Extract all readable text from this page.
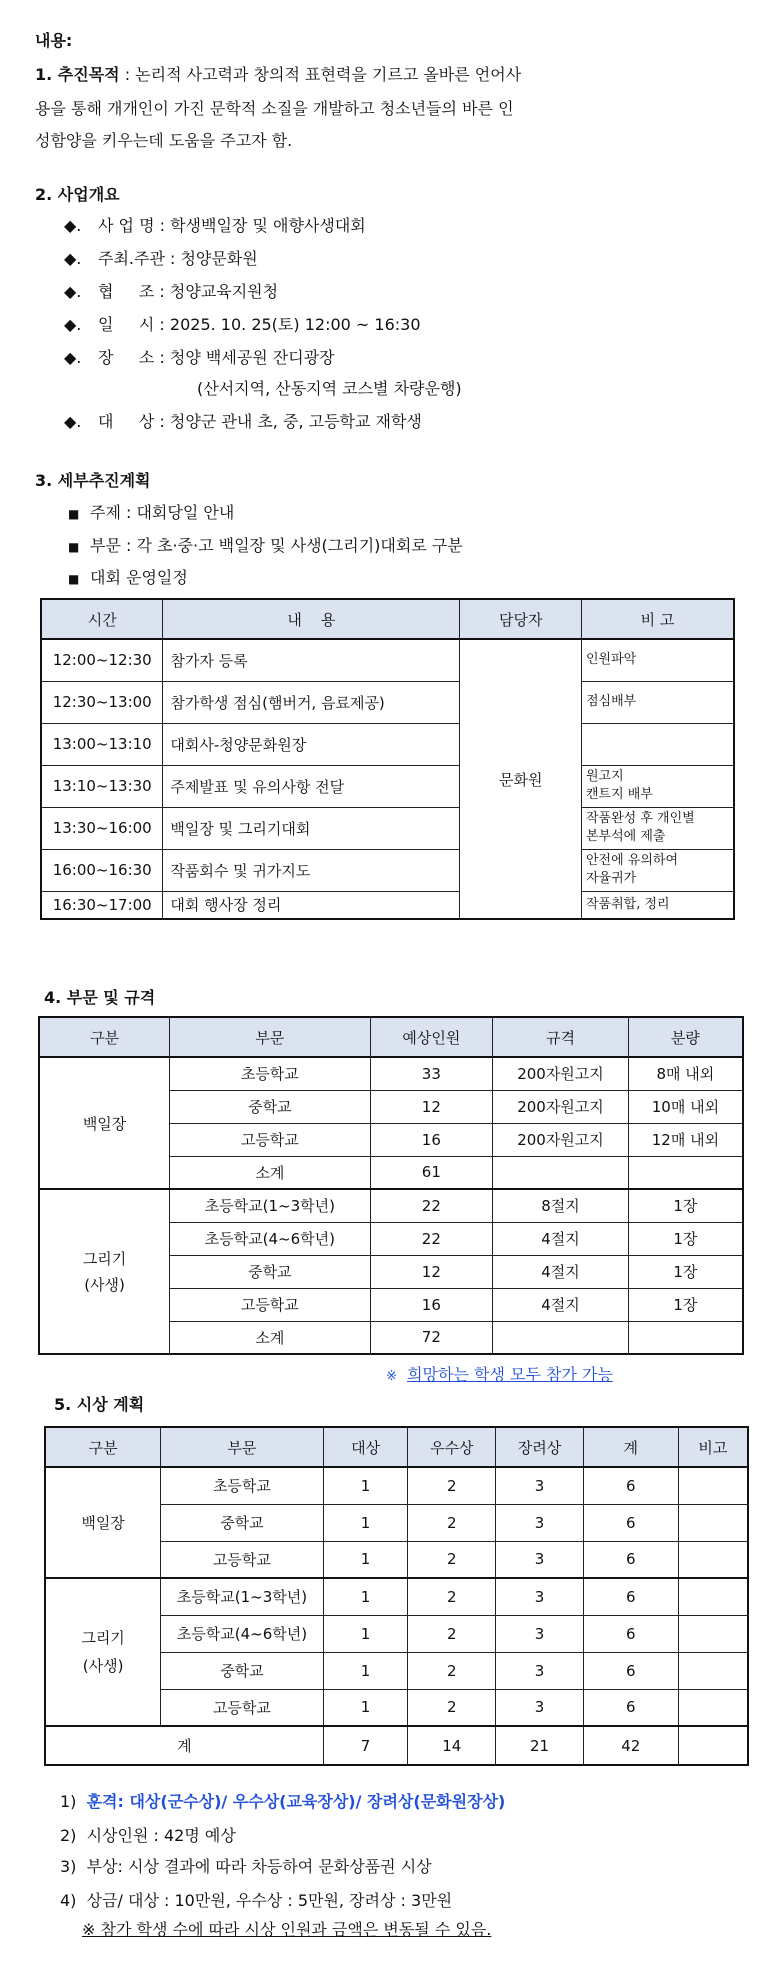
내용:
1. 추진목적 : 논리적 사고력과 창의적 표현력을 기르고 올바른 언어사
용을 통해 개개인이 가진 문학적 소질을 개발하고 청소년들의 바른 인
성함양을 키우는데 도움을 주고자 함.
2. 사업개요
◆. 사 업 명 : 학생백일장 및 애향사생대회
◆. 주최.주관 : 청양문화원
◆. 협     조 : 청양교육지원청
◆. 일     시 : 2025. 10. 25(토) 12:00 ~ 16:30
◆. 장     소 : 청양 백세공원 잔디광장
(산서지역, 산동지역 코스별 차량운행)
◆. 대     상 : 청양군 관내 초, 중, 고등학교 재학생
3. 세부추진계획
■ 주제 : 대회당일 안내
■ 부문 : 각 초·중·고 백일장 및 사생(그리기)대회로 구분
■ 대회 운영일정
시간	내    용	담당자	비 고
12:00~12:30	참가자 등록	문화원	인원파악
12:30~13:00	참가학생 점심(햄버거, 음료제공)		점심배부
13:00~13:10	대회사-청양문화원장		
13:10~13:30	주제발표 및 유의사항 전달		원고지
캔트지 배부
13:30~16:00	백일장 및 그리기대회		작품완성 후 개인별
본부석에 제출
16:00~16:30	작품회수 및 귀가지도		안전에 유의하여
자율귀가
16:30~17:00	대회 행사장 정리		작품취합, 정리
4. 부문 및 규격
구분	부문	예상인원	규격	분량
백일장	초등학교	33	200자원고지	8매 내외
	중학교	12	200자원고지	10매 내외
	고등학교	16	200자원고지	12매 내외
	소계	61		
그리기
(사생)	초등학교(1~3학년)	22	8절지	1장
	초등학교(4~6학년)	22	4절지	1장
	중학교	12	4절지	1장
	고등학교	16	4절지	1장
	소계	72		
※ 희망하는 학생 모두 참가 가능
5. 시상 계획
구분	부문	대상	우수상	장려상	계	비고
백일장	초등학교	1	2	3	6	
	중학교	1	2	3	6	
	고등학교	1	2	3	6	
그리기
(사생)	초등학교(1~3학년)	1	2	3	6	
	초등학교(4~6학년)	1	2	3	6	
	중학교	1	2	3	6	
	고등학교	1	2	3	6	
계		7	14	21	42	
1) 훈격: 대상(군수상)/ 우수상(교육장상)/ 장려상(문화원장상)
2)  시상인원 : 42명 예상
3)  부상: 시상 결과에 따라 차등하여 문화상품권 시상
4)  상금/ 대상 : 10만원, 우수상 : 5만원, 장려상 : 3만원
※ 참가 학생 수에 따라 시상 인원과 금액은 변동될 수 있음.
